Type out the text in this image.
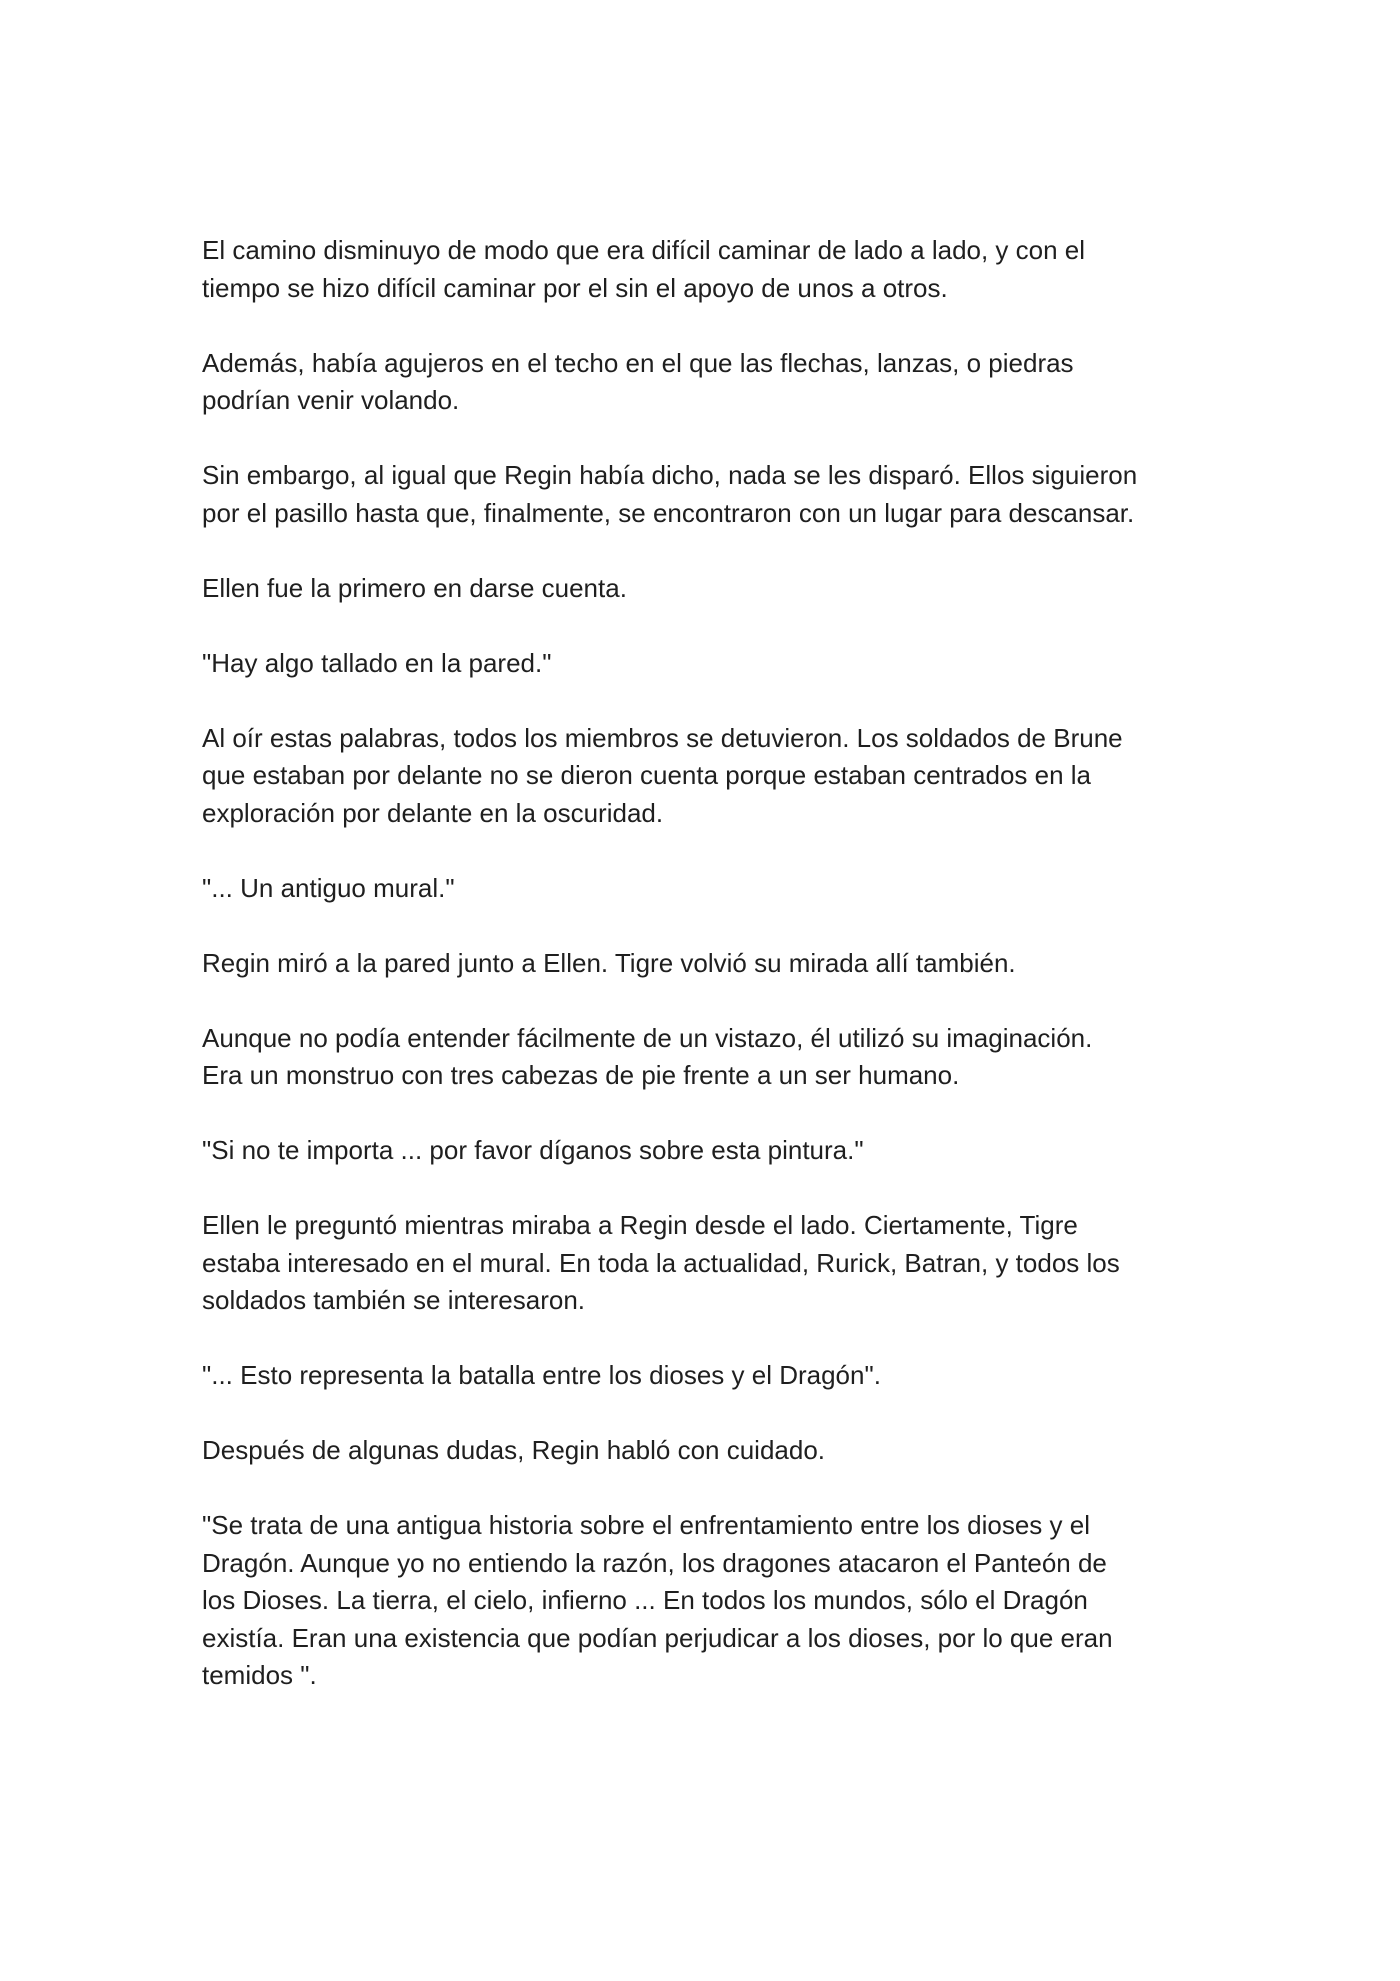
El camino disminuyo de modo que era difícil caminar de lado a lado, y con el
tiempo se hizo difícil caminar por el sin el apoyo de unos a otros.

Además, había agujeros en el techo en el que las flechas, lanzas, o piedras
podrían venir volando.

Sin embargo, al igual que Regin había dicho, nada se les disparó. Ellos siguieron
por el pasillo hasta que, finalmente, se encontraron con un lugar para descansar.

Ellen fue la primero en darse cuenta.

"Hay algo tallado en la pared."

Al oír estas palabras, todos los miembros se detuvieron. Los soldados de Brune
que estaban por delante no se dieron cuenta porque estaban centrados en la
exploración por delante en la oscuridad.

"... Un antiguo mural."

Regin miró a la pared junto a Ellen. Tigre volvió su mirada allí también.

Aunque no podía entender fácilmente de un vistazo, él utilizó su imaginación.
Era un monstruo con tres cabezas de pie frente a un ser humano.

"Si no te importa ... por favor díganos sobre esta pintura."

Ellen le preguntó mientras miraba a Regin desde el lado. Ciertamente, Tigre
estaba interesado en el mural. En toda la actualidad, Rurick, Batran, y todos los
soldados también se interesaron.

"... Esto representa la batalla entre los dioses y el Dragón".

Después de algunas dudas, Regin habló con cuidado.

"Se trata de una antigua historia sobre el enfrentamiento entre los dioses y el
Dragón. Aunque yo no entiendo la razón, los dragones atacaron el Panteón de
los Dioses. La tierra, el cielo, infierno ... En todos los mundos, sólo el Dragón
existía. Eran una existencia que podían perjudicar a los dioses, por lo que eran
temidos ".
